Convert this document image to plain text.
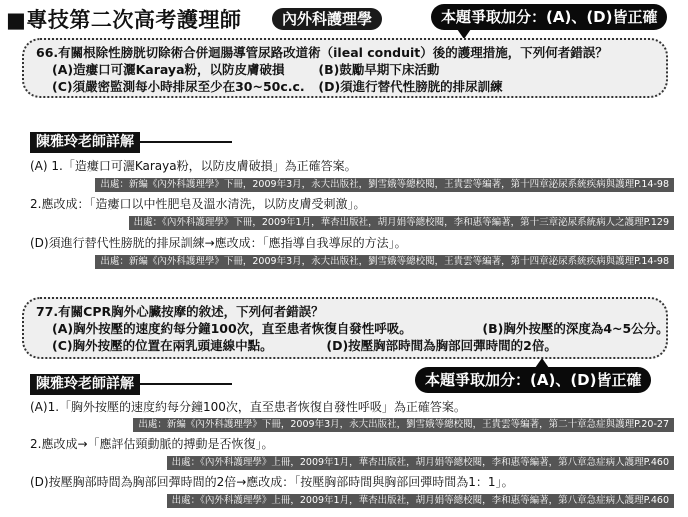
■專技第二次高考護理師	內外科護理學	本題爭取加分：(A)、(D)皆正確
66.有關根除性膀胱切除術合併迴腸導管尿路改道術（ileal conduit）後的護理措施，下列何者錯誤？
(A)造瘻口可灑Karaya粉，以防皮膚破損	(B)鼓勵早期下床活動
(C)須嚴密監測每小時排尿至少在30~50c.c. (D)須進行替代性膀胱的排尿訓練
陳雅玲老師詳解
(A) 1.「造瘻口可灑Karaya粉，以防皮膚破損」為正確答案。
出處：新編《內外科護理學》下冊，2009年3月，永大出版社，劉雪娥等總校閱，王貴雲等編著，第十四章泌尿系統疾病與護理P.14-98
2.應改成：「造瘻口以中性肥皂及溫水清洗，以防皮膚受刺激」。
出處：《內外科護理學》下冊，2009年1月，華杏出版社，胡月娟等總校閱，李和惠等編著，第十三章泌尿系統病人之護理P.129
(D)須進行替代性膀胱的排尿訓練→應改成：「應指導自我導尿的方法」。
出處：新編《內外科護理學》下冊，2009年3月，永大出版社，劉雪娥等總校閱，王貴雲等編著，第十四章泌尿系統疾病與護理P.14-98
77.有關CPR胸外心臟按摩的敘述，下列何者錯誤？
(A)胸外按壓的速度約每分鐘100次，直至患者恢復自發性呼吸。	(B)胸外按壓的深度為4~5公分。
(C)胸外按壓的位置在兩乳頭連線中點。	(D)按壓胸部時間為胸部回彈時間的2倍。
本題爭取加分：(A)、(D)皆正確
陳雅玲老師詳解
(A)1.「胸外按壓的速度約每分鐘100次，直至患者恢復自發性呼吸」為正確答案。
出處：新編《內外科護理學》下冊，2009年3月，永大出版社，劉雪娥等總校閱，王貴雲等編著，第二十章急症與護理P.20-27
2.應改成→「應評估頸動脈的搏動是否恢復」。
出處：《內外科護理學》上冊，2009年1月，華杏出版社，胡月娟等總校閱，李和惠等編著，第八章急症病人護理P.460
(D)按壓胸部時間為胸部回彈時間的2倍→應改成：「按壓胸部時間與胸部回彈時間為1：1」。
出處：《內外科護理學》上冊，2009年1月，華杏出版社，胡月娟等總校閱，李和惠等編著，第八章急症病人護理P.460
